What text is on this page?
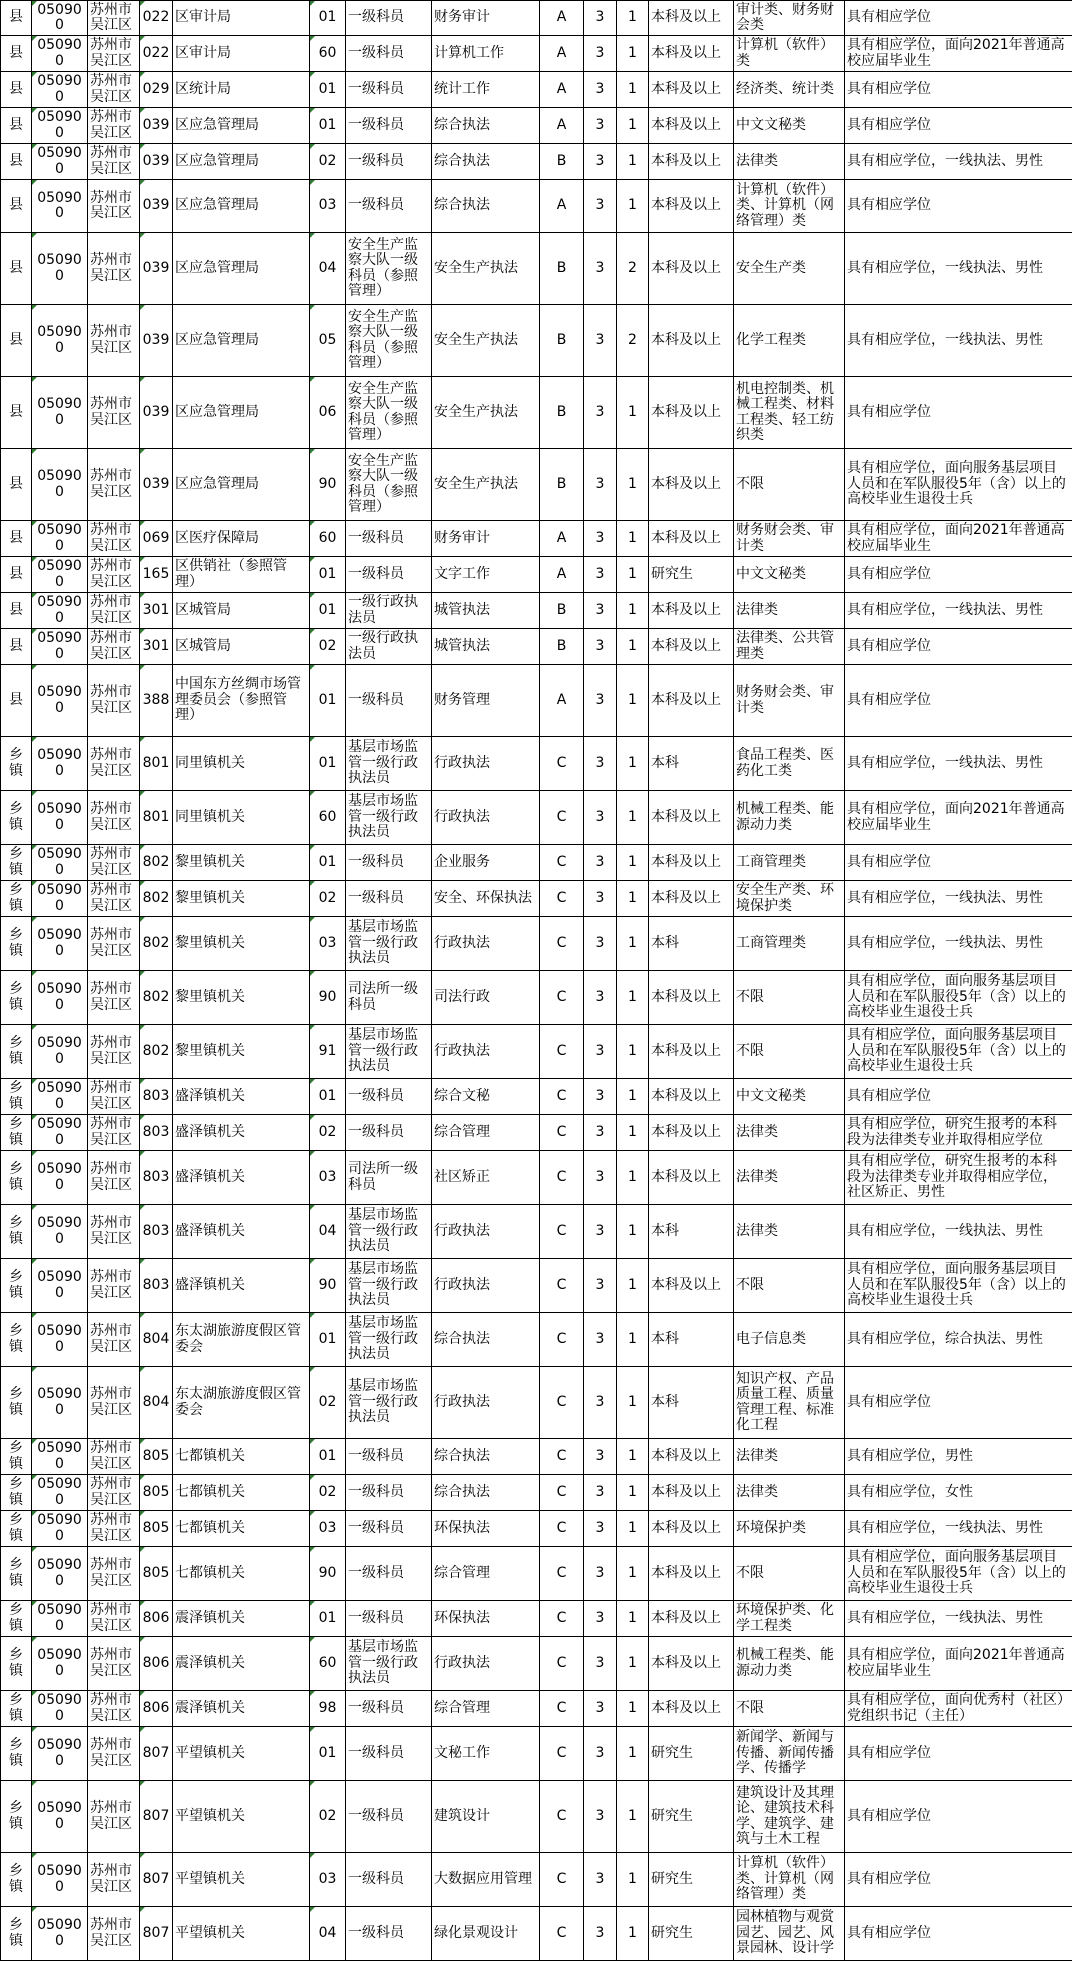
县	050900	苏州市吴江区	022	区审计局	01	一级科员	财务审计	A	3	1	本科及以上	审计类、财务财会类	具有相应学位
县	050900	苏州市吴江区	022	区审计局	60	一级科员	计算机工作	A	3	1	本科及以上	计算机（软件）类	具有相应学位，面向2021年普通高校应届毕业生
县	050900	苏州市吴江区	029	区统计局	01	一级科员	统计工作	A	3	1	本科及以上	经济类、统计类	具有相应学位
县	050900	苏州市吴江区	039	区应急管理局	01	一级科员	综合执法	A	3	1	本科及以上	中文文秘类	具有相应学位
县	050900	苏州市吴江区	039	区应急管理局	02	一级科员	综合执法	B	3	1	本科及以上	法律类	具有相应学位，一线执法、男性
县	050900	苏州市吴江区	039	区应急管理局	03	一级科员	综合执法	A	3	1	本科及以上	计算机（软件）类、计算机（网络管理）类	具有相应学位
县	050900	苏州市吴江区	039	区应急管理局	04	安全生产监察大队一级科员（参照管理）	安全生产执法	B	3	2	本科及以上	安全生产类	具有相应学位，一线执法、男性
县	050900	苏州市吴江区	039	区应急管理局	05	安全生产监察大队一级科员（参照管理）	安全生产执法	B	3	2	本科及以上	化学工程类	具有相应学位，一线执法、男性
县	050900	苏州市吴江区	039	区应急管理局	06	安全生产监察大队一级科员（参照管理）	安全生产执法	B	3	1	本科及以上	机电控制类、机械工程类、材料工程类、轻工纺织类	具有相应学位
县	050900	苏州市吴江区	039	区应急管理局	90	安全生产监察大队一级科员（参照管理）	安全生产执法	B	3	1	本科及以上	不限	具有相应学位，面向服务基层项目人员和在军队服役5年（含）以上的高校毕业生退役士兵
县	050900	苏州市吴江区	069	区医疗保障局	60	一级科员	财务审计	A	3	1	本科及以上	财务财会类、审计类	具有相应学位，面向2021年普通高校应届毕业生
县	050900	苏州市吴江区	165	区供销社（参照管理）	01	一级科员	文字工作	A	3	1	研究生	中文文秘类	具有相应学位
县	050900	苏州市吴江区	301	区城管局	01	一级行政执法员	城管执法	B	3	1	本科及以上	法律类	具有相应学位，一线执法、男性
县	050900	苏州市吴江区	301	区城管局	02	一级行政执法员	城管执法	B	3	1	本科及以上	法律类、公共管理类	具有相应学位
县	050900	苏州市吴江区	388	中国东方丝绸市场管理委员会（参照管理）	01	一级科员	财务管理	A	3	1	本科及以上	财务财会类、审计类	具有相应学位
乡镇	050900	苏州市吴江区	801	同里镇机关	01	基层市场监管一级行政执法员	行政执法	C	3	1	本科	食品工程类、医药化工类	具有相应学位，一线执法、男性
乡镇	050900	苏州市吴江区	801	同里镇机关	60	基层市场监管一级行政执法员	行政执法	C	3	1	本科及以上	机械工程类、能源动力类	具有相应学位，面向2021年普通高校应届毕业生
乡镇	050900	苏州市吴江区	802	黎里镇机关	01	一级科员	企业服务	C	3	1	本科及以上	工商管理类	具有相应学位
乡镇	050900	苏州市吴江区	802	黎里镇机关	02	一级科员	安全、环保执法	C	3	1	本科及以上	安全生产类、环境保护类	具有相应学位，一线执法、男性
乡镇	050900	苏州市吴江区	802	黎里镇机关	03	基层市场监管一级行政执法员	行政执法	C	3	1	本科	工商管理类	具有相应学位，一线执法、男性
乡镇	050900	苏州市吴江区	802	黎里镇机关	90	司法所一级科员	司法行政	C	3	1	本科及以上	不限	具有相应学位，面向服务基层项目人员和在军队服役5年（含）以上的高校毕业生退役士兵
乡镇	050900	苏州市吴江区	802	黎里镇机关	91	基层市场监管一级行政执法员	行政执法	C	3	1	本科及以上	不限	具有相应学位，面向服务基层项目人员和在军队服役5年（含）以上的高校毕业生退役士兵
乡镇	050900	苏州市吴江区	803	盛泽镇机关	01	一级科员	综合文秘	C	3	1	本科及以上	中文文秘类	具有相应学位
乡镇	050900	苏州市吴江区	803	盛泽镇机关	02	一级科员	综合管理	C	3	1	本科及以上	法律类	具有相应学位，研究生报考的本科段为法律类专业并取得相应学位
乡镇	050900	苏州市吴江区	803	盛泽镇机关	03	司法所一级科员	社区矫正	C	3	1	本科及以上	法律类	具有相应学位，研究生报考的本科段为法律类专业并取得相应学位，社区矫正、男性
乡镇	050900	苏州市吴江区	803	盛泽镇机关	04	基层市场监管一级行政执法员	行政执法	C	3	1	本科	法律类	具有相应学位，一线执法、男性
乡镇	050900	苏州市吴江区	803	盛泽镇机关	90	基层市场监管一级行政执法员	行政执法	C	3	1	本科及以上	不限	具有相应学位，面向服务基层项目人员和在军队服役5年（含）以上的高校毕业生退役士兵
乡镇	050900	苏州市吴江区	804	东太湖旅游度假区管委会	01	基层市场监管一级行政执法员	综合执法	C	3	1	本科	电子信息类	具有相应学位，综合执法、男性
乡镇	050900	苏州市吴江区	804	东太湖旅游度假区管委会	02	基层市场监管一级行政执法员	行政执法	C	3	1	本科	知识产权、产品质量工程、质量管理工程、标准化工程	具有相应学位
乡镇	050900	苏州市吴江区	805	七都镇机关	01	一级科员	综合执法	C	3	1	本科及以上	法律类	具有相应学位，男性
乡镇	050900	苏州市吴江区	805	七都镇机关	02	一级科员	综合执法	C	3	1	本科及以上	法律类	具有相应学位，女性
乡镇	050900	苏州市吴江区	805	七都镇机关	03	一级科员	环保执法	C	3	1	本科及以上	环境保护类	具有相应学位，一线执法、男性
乡镇	050900	苏州市吴江区	805	七都镇机关	90	一级科员	综合管理	C	3	1	本科及以上	不限	具有相应学位，面向服务基层项目人员和在军队服役5年（含）以上的高校毕业生退役士兵
乡镇	050900	苏州市吴江区	806	震泽镇机关	01	一级科员	环保执法	C	3	1	本科及以上	环境保护类、化学工程类	具有相应学位，一线执法、男性
乡镇	050900	苏州市吴江区	806	震泽镇机关	60	基层市场监管一级行政执法员	行政执法	C	3	1	本科及以上	机械工程类、能源动力类	具有相应学位，面向2021年普通高校应届毕业生
乡镇	050900	苏州市吴江区	806	震泽镇机关	98	一级科员	综合管理	C	3	1	本科及以上	不限	具有相应学位，面向优秀村（社区）党组织书记（主任）
乡镇	050900	苏州市吴江区	807	平望镇机关	01	一级科员	文秘工作	C	3	1	研究生	新闻学、新闻与传播、新闻传播学、传播学	具有相应学位
乡镇	050900	苏州市吴江区	807	平望镇机关	02	一级科员	建筑设计	C	3	1	研究生	建筑设计及其理论、建筑技术科学、建筑学、建筑与土木工程	具有相应学位
乡镇	050900	苏州市吴江区	807	平望镇机关	03	一级科员	大数据应用管理	C	3	1	研究生	计算机（软件）类、计算机（网络管理）类	具有相应学位
乡镇	050900	苏州市吴江区	807	平望镇机关	04	一级科员	绿化景观设计	C	3	1	研究生	园林植物与观赏园艺、园艺、风景园林、设计学	具有相应学位
